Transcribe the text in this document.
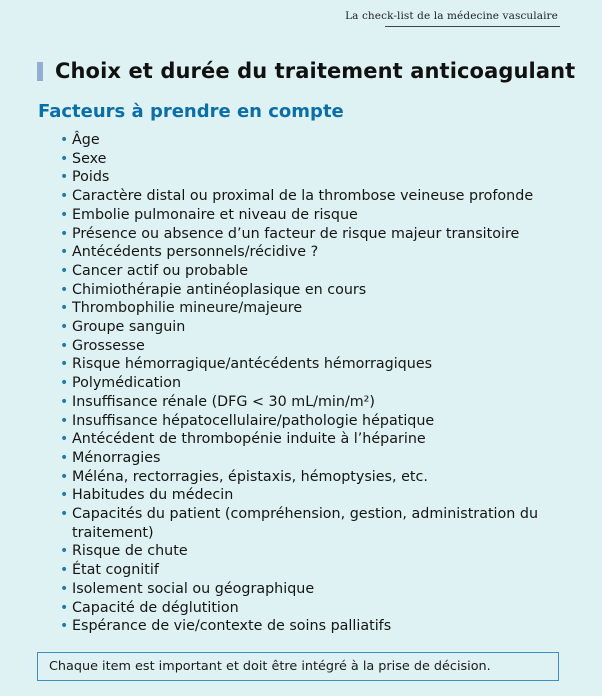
La check-list de la médecine vasculaire
Choix et durée du traitement anticoagulant
Facteurs à prendre en compte
• Âge
• Sexe
• Poids
• Caractère distal ou proximal de la thrombose veineuse profonde
• Embolie pulmonaire et niveau de risque
• Présence ou absence d’un facteur de risque majeur transitoire
• Antécédents personnels/récidive ?
• Cancer actif ou probable
• Chimiothérapie antinéoplasique en cours
• Thrombophilie mineure/majeure
• Groupe sanguin
• Grossesse
• Risque hémorragique/antécédents hémorragiques
• Polymédication
• Insuffisance rénale (DFG < 30 mL/min/m²)
• Insuffisance hépatocellulaire/pathologie hépatique
• Antécédent de thrombopénie induite à l’héparine
• Ménorragies
• Méléna, rectorragies, épistaxis, hémoptysies, etc.
• Habitudes du médecin
• Capacités du patient (compréhension, gestion, administration du traitement)
• Risque de chute
• État cognitif
• Isolement social ou géographique
• Capacité de déglutition
• Espérance de vie/contexte de soins palliatifs
Chaque item est important et doit être intégré à la prise de décision.
